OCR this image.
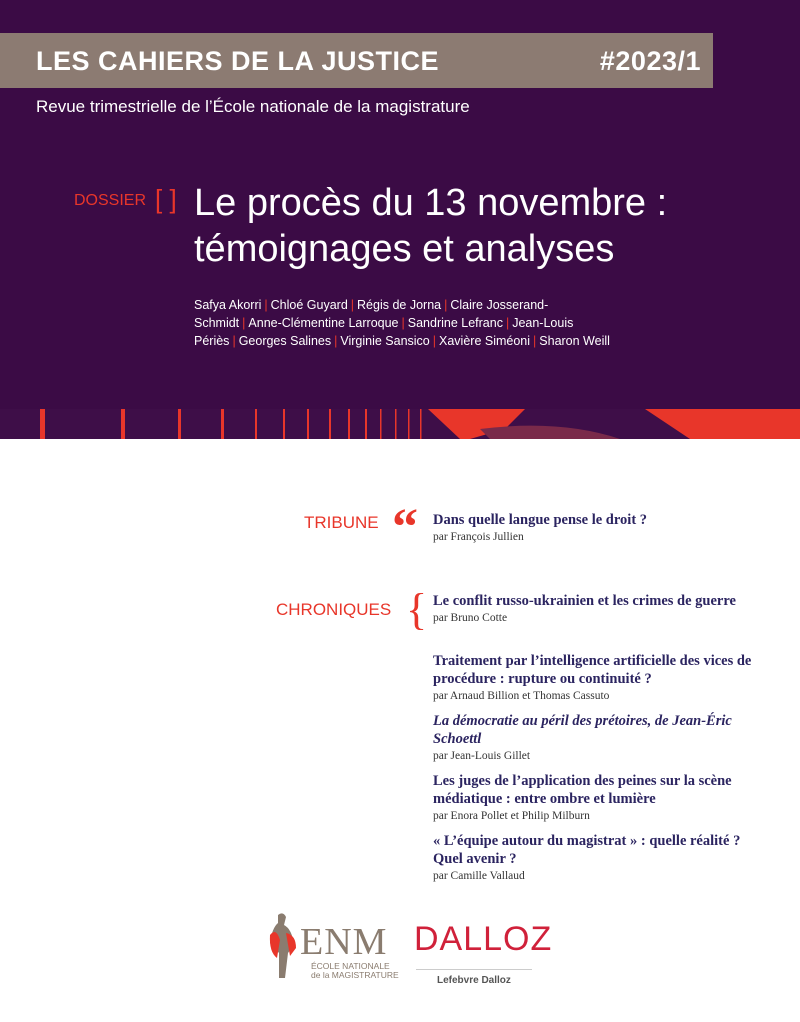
LES CAHIERS DE LA JUSTICE	#2023/1
Revue trimestrielle de l’École nationale de la magistrature
DOSSIER [ ] Le procès du 13 novembre :
témoignages et analyses
Safya Akorri | Chloé Guyard | Régis de Jorna | Claire Josserand-Schmidt | Anne-Clémentine Larroque | Sandrine Lefranc | Jean-Louis Périès | Georges Salines | Virginie Sansico | Xavière Siméoni | Sharon Weill
TRIBUNE “ Dans quelle langue pense le droit ?
par François Jullien
CHRONIQUES { Le conflit russo-ukrainien et les crimes de guerre
par Bruno Cotte
Traitement par l’intelligence artificielle des vices de procédure : rupture ou continuité ?
par Arnaud Billion et Thomas Cassuto
La démocratie au péril des prétoires, de Jean-Éric Schoettl
par Jean-Louis Gillet
Les juges de l’application des peines sur la scène médiatique : entre ombre et lumière
par Enora Pollet et Philip Milburn
« L’équipe autour du magistrat » : quelle réalité ? Quel avenir ?
par Camille Vallaud
ENM
ÉCOLE NATIONALE
de la MAGISTRATURE
DALLOZ
Lefebvre Dalloz
